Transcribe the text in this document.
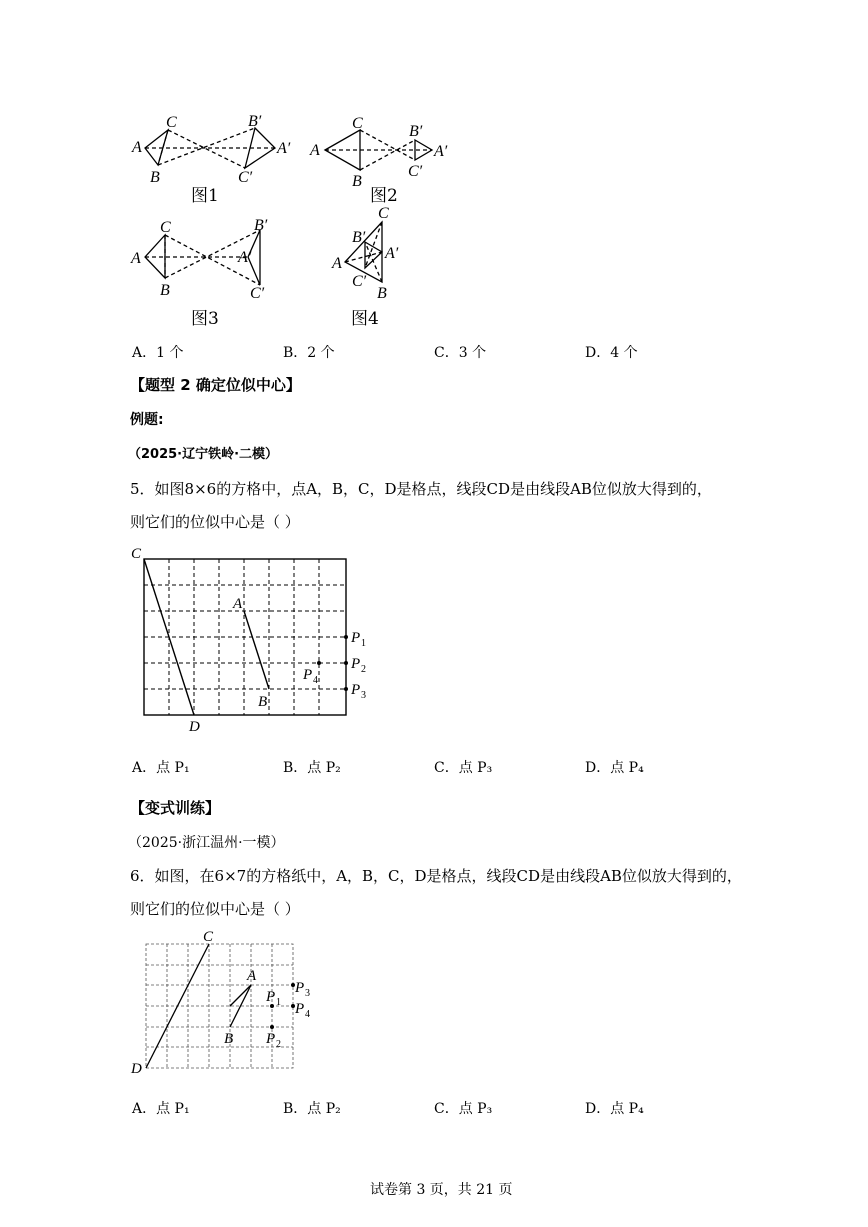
C
A
B
B′
A′
C′
C
A
B
B′
A′
C′
C
A
B
B′
A′
C′
C
A
B′
A′
C′
B
图1	图2
图3	图4
A．1 个	B．2 个	C．3 个	D．4 个
【题型 2 确定位似中心】
例题:
（2025·辽宁铁岭·二模）
5．如图8×6的方格中，点A，B，C，D是格点，线段CD是由线段AB位似放大得到的，
则它们的位似中心是（ ）
C
D
A
B
P 1
P 2
P 3
P 4
A．点 P₁	B．点 P₂	C．点 P₃	D．点 P₄
【变式训练】
（2025·浙江温州·一模）
6．如图，在6×7的方格纸中，A，B，C，D是格点，线段CD是由线段AB位似放大得到的，
则它们的位似中心是（ ）
C
D
A
B
P 1
P 2
P 3
P 4
A．点 P₁	B．点 P₂	C．点 P₃	D．点 P₄
试卷第 3 页，共 21 页
